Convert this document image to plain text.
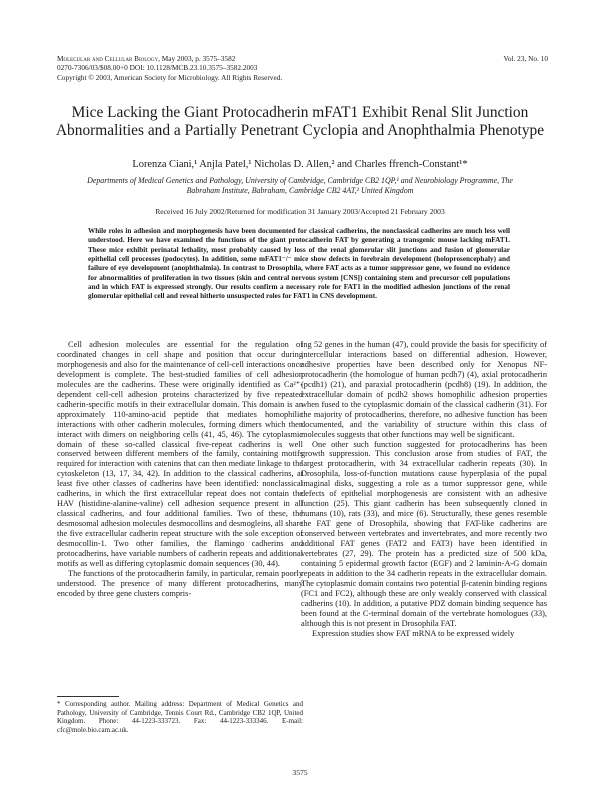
Molecular and Cellular Biology, May 2003, p. 3575–3582
0270-7306/03/$08.00+0 DOI: 10.1128/MCB.23.10.3575–3582.2003
Copyright © 2003, American Society for Microbiology. All Rights Reserved.
Vol. 23, No. 10
Mice Lacking the Giant Protocadherin mFAT1 Exhibit Renal Slit Junction Abnormalities and a Partially Penetrant Cyclopia and Anophthalmia Phenotype
Lorenza Ciani,¹ Anjla Patel,¹ Nicholas D. Allen,² and Charles ffrench-Constant¹*
Departments of Medical Genetics and Pathology, University of Cambridge, Cambridge CB2 1QP,¹ and Neurobiology Programme, The Babraham Institute, Babraham, Cambridge CB2 4AT,² United Kingdom
Received 16 July 2002/Returned for modification 31 January 2003/Accepted 21 February 2003
While roles in adhesion and morphogenesis have been documented for classical cadherins, the nonclassical cadherins are much less well understood. Here we have examined the functions of the giant protocadherin FAT by generating a transgenic mouse lacking mFAT1. These mice exhibit perinatal lethality, most probably caused by loss of the renal glomerular slit junctions and fusion of glomerular epithelial cell processes (podocytes). In addition, some mFAT1⁻/⁻ mice show defects in forebrain development (holoprosencephaly) and failure of eye development (anophthalmia). In contrast to Drosophila, where FAT acts as a tumor suppressor gene, we found no evidence for abnormalities of proliferation in two tissues (skin and central nervous system [CNS]) containing stem and precursor cell populations and in which FAT is expressed strongly. Our results confirm a necessary role for FAT1 in the modified adhesion junctions of the renal glomerular epithelial cell and reveal hitherto unsuspected roles for FAT1 in CNS development.

Cell adhesion molecules are essential for the regulation of coordinated changes in cell shape and position that occur during morphogenesis and also for the maintenance of cell-cell interactions once development is complete. The best-studied families of cell adhesion molecules are the cadherins. These were originally identified as Ca²⁺-dependent cell-cell adhesion proteins characterized by five repeated cadherin-specific motifs in their extracellular domain. This domain is an approximately 110-amino-acid peptide that mediates homophilic interactions with other cadherin molecules, forming dimers which then interact with dimers on neighboring cells (41, 45, 46). The cytoplasmic domain of these so-called classical five-repeat cadherins is well conserved between different members of the family, containing motifs required for interaction with catenins that can then mediate linkage to the cytoskeleton (13, 17, 34, 42). In addition to the classical cadherins, at least five other classes of cadherins have been identified: nonclassical cadherins, in which the first extracellular repeat does not contain the HAV (histidine-alanine-valine) cell adhesion sequence present in all classical cadherins, and four additional families. Two of these, the desmosomal adhesion molecules desmocollins and desmogleins, all share the five extracellular cadherin repeat structure with the sole exception of desmocollin-1. Two other families, the flamingo cadherins and protocadherins, have variable numbers of cadherin repeats and additional motifs as well as differing cytoplasmic domain sequences (30, 44).

The functions of the protocadherin family, in particular, remain poorly understood. The presence of many different protocadherins, many encoded by three gene clusters compris-

ing 52 genes in the human (47), could provide the basis for specificity of intercellular interactions based on differential adhesion. However, adhesive properties have been described only for Xenopus NF-protocadherin (the homologue of human pcdh7) (4), axial protocadherin (pcdh1) (21), and paraxial protocadherin (pcdh8) (19). In addition, the extracellular domain of pcdh2 shows homophilic adhesion properties when fused to the cytoplasmic domain of the classical cadherin (31). For the majority of protocadherins, therefore, no adhesive function has been documented, and the variability of structure within this class of molecules suggests that other functions may well be significant.

One other such function suggested for protocadherins has been growth suppression. This conclusion arose from studies of FAT, the largest protocadherin, with 34 extracellular cadherin repeats (30). In Drosophila, loss-of-function mutations cause hyperplasia of the pupal imaginal disks, suggesting a role as a tumor suppressor gene, while defects of epithelial morphogenesis are consistent with an adhesive function (25). This giant cadherin has been subsequently cloned in humans (10), rats (33), and mice (6). Structurally, these genes resemble the FAT gene of Drosophila, showing that FAT-like cadherins are conserved between vertebrates and invertebrates, and more recently two additional FAT genes (FAT2 and FAT3) have been identified in vertebrates (27, 29). The protein has a predicted size of 500 kDa, containing 5 epidermal growth factor (EGF) and 2 laminin-A-G domain repeats in addition to the 34 cadherin repeats in the extracellular domain. The cytoplasmic domain contains two potential β-catenin binding regions (FC1 and FC2), although these are only weakly conserved with classical cadherins (10). In addition, a putative PDZ domain binding sequence has been found at the C-terminal domain of the vertebrate homologues (33), although this is not present in Drosophila FAT.

Expression studies show FAT mRNA to be expressed widely

* Corresponding author. Mailing address: Department of Medical Genetics and Pathology, University of Cambridge, Tennis Court Rd., Cambridge CB2 1QP, United Kingdom. Phone: 44-1223-333723. Fax: 44-1223-333346. E-mail: cfc@mole.bio.cam.ac.uk.
3575
